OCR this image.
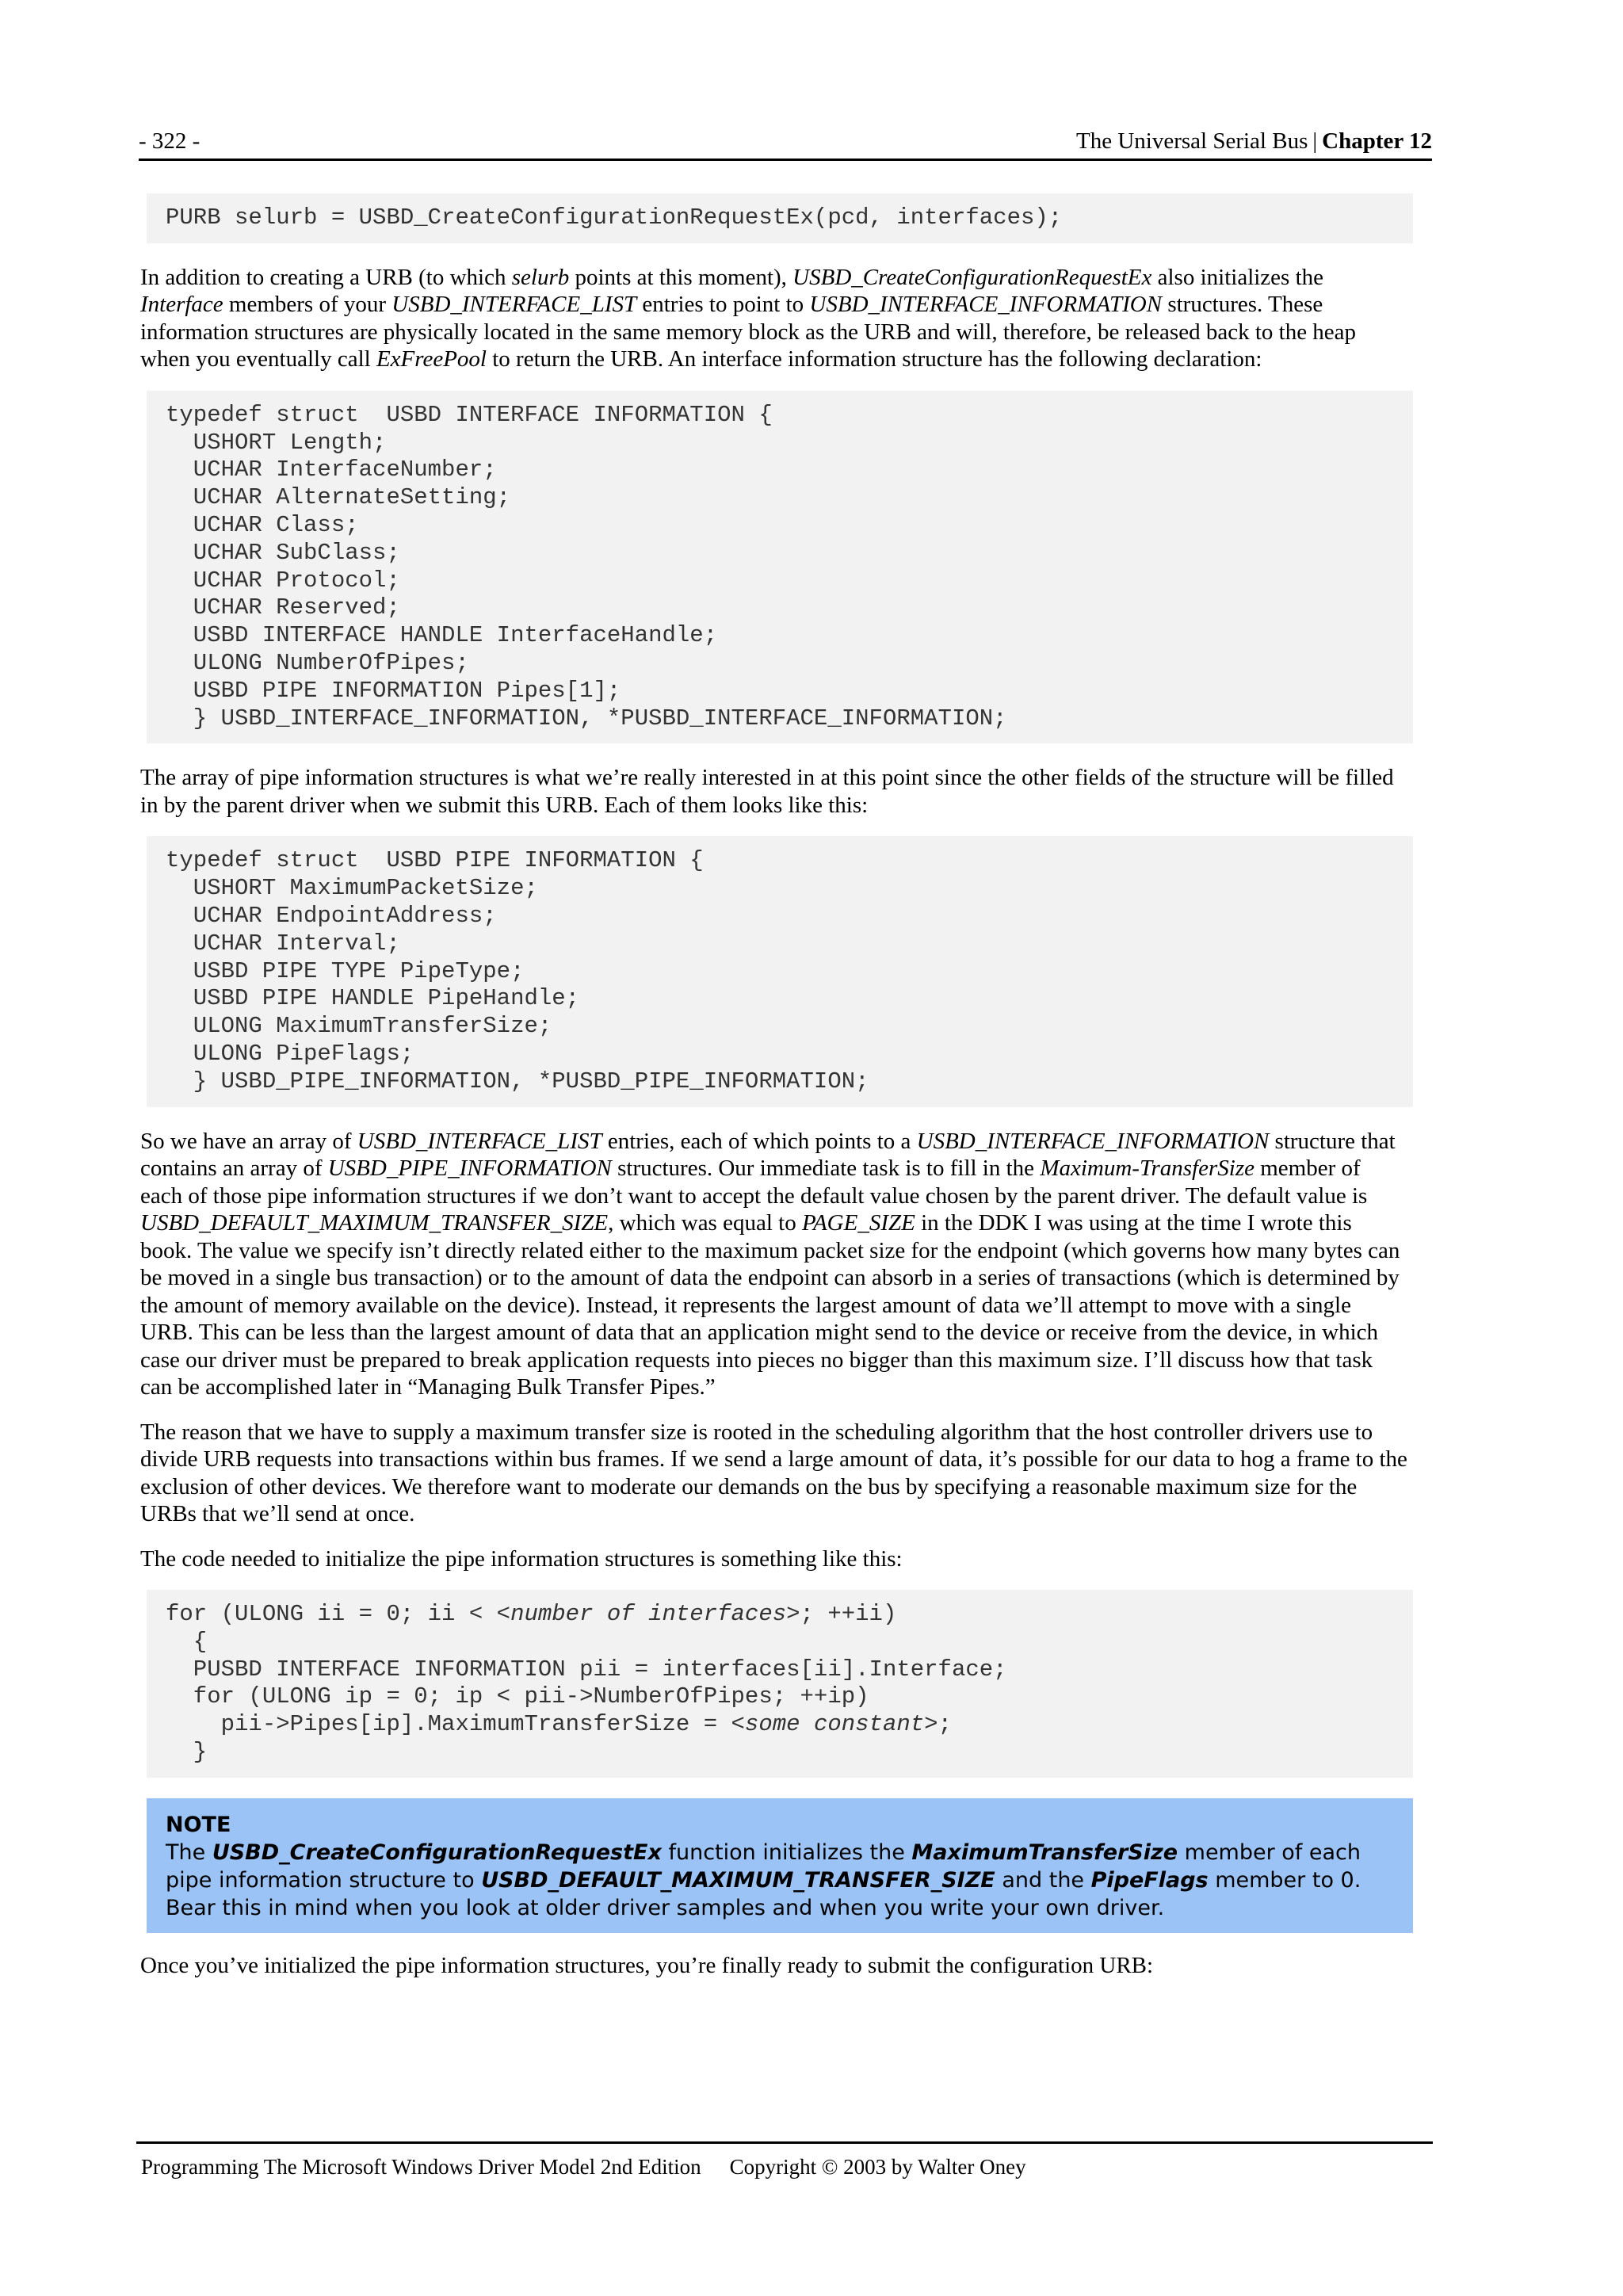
- 322 -	The Universal Serial Bus | Chapter 12

PURB selurb = USBD_CreateConfigurationRequestEx(pcd, interfaces);

In addition to creating a URB (to which selurb points at this moment), USBD_CreateConfigurationRequestEx also initializes the Interface members of your USBD_INTERFACE_LIST entries to point to USBD_INTERFACE_INFORMATION structures. These information structures are physically located in the same memory block as the URB and will, therefore, be released back to the heap when you eventually call ExFreePool to return the URB. An interface information structure has the following declaration:

typedef struct  USBD INTERFACE INFORMATION {
USHORT Length;
UCHAR InterfaceNumber;
UCHAR AlternateSetting;
UCHAR Class;
UCHAR SubClass;
UCHAR Protocol;
UCHAR Reserved;
USBD INTERFACE HANDLE InterfaceHandle;
ULONG NumberOfPipes;
USBD PIPE INFORMATION Pipes[1];
} USBD_INTERFACE_INFORMATION, *PUSBD_INTERFACE_INFORMATION;

The array of pipe information structures is what we’re really interested in at this point since the other fields of the structure will be filled in by the parent driver when we submit this URB. Each of them looks like this:

typedef struct  USBD PIPE INFORMATION {
USHORT MaximumPacketSize;
UCHAR EndpointAddress;
UCHAR Interval;
USBD PIPE TYPE PipeType;
USBD PIPE HANDLE PipeHandle;
ULONG MaximumTransferSize;
ULONG PipeFlags;
} USBD_PIPE_INFORMATION, *PUSBD_PIPE_INFORMATION;

So we have an array of USBD_INTERFACE_LIST entries, each of which points to a USBD_INTERFACE_INFORMATION structure that contains an array of USBD_PIPE_INFORMATION structures. Our immediate task is to fill in the Maximum-TransferSize member of each of those pipe information structures if we don’t want to accept the default value chosen by the parent driver. The default value is USBD_DEFAULT_MAXIMUM_TRANSFER_SIZE, which was equal to PAGE_SIZE in the DDK I was using at the time I wrote this book. The value we specify isn’t directly related either to the maximum packet size for the endpoint (which governs how many bytes can be moved in a single bus transaction) or to the amount of data the endpoint can absorb in a series of transactions (which is determined by the amount of memory available on the device). Instead, it represents the largest amount of data we’ll attempt to move with a single URB. This can be less than the largest amount of data that an application might send to the device or receive from the device, in which case our driver must be prepared to break application requests into pieces no bigger than this maximum size. I’ll discuss how that task can be accomplished later in “Managing Bulk Transfer Pipes.”

The reason that we have to supply a maximum transfer size is rooted in the scheduling algorithm that the host controller drivers use to divide URB requests into transactions within bus frames. If we send a large amount of data, it’s possible for our data to hog a frame to the exclusion of other devices. We therefore want to moderate our demands on the bus by specifying a reasonable maximum size for the URBs that we’ll send at once.

The code needed to initialize the pipe information structures is something like this:

for (ULONG ii = 0; ii < <number of interfaces>; ++ii)
{
PUSBD INTERFACE INFORMATION pii = interfaces[ii].Interface;
for (ULONG ip = 0; ip < pii->NumberOfPipes; ++ip)
pii->Pipes[ip].MaximumTransferSize = <some constant>;
}
NOTE
The USBD_CreateConfigurationRequestEx function initializes the MaximumTransferSize member of each pipe information structure to USBD_DEFAULT_MAXIMUM_TRANSFER_SIZE and the PipeFlags member to 0. Bear this in mind when you look at older driver samples and when you write your own driver.

Once you’ve initialized the pipe information structures, you’re finally ready to submit the configuration URB:

Programming The Microsoft Windows Driver Model 2nd Edition Copyright © 2003 by Walter Oney
